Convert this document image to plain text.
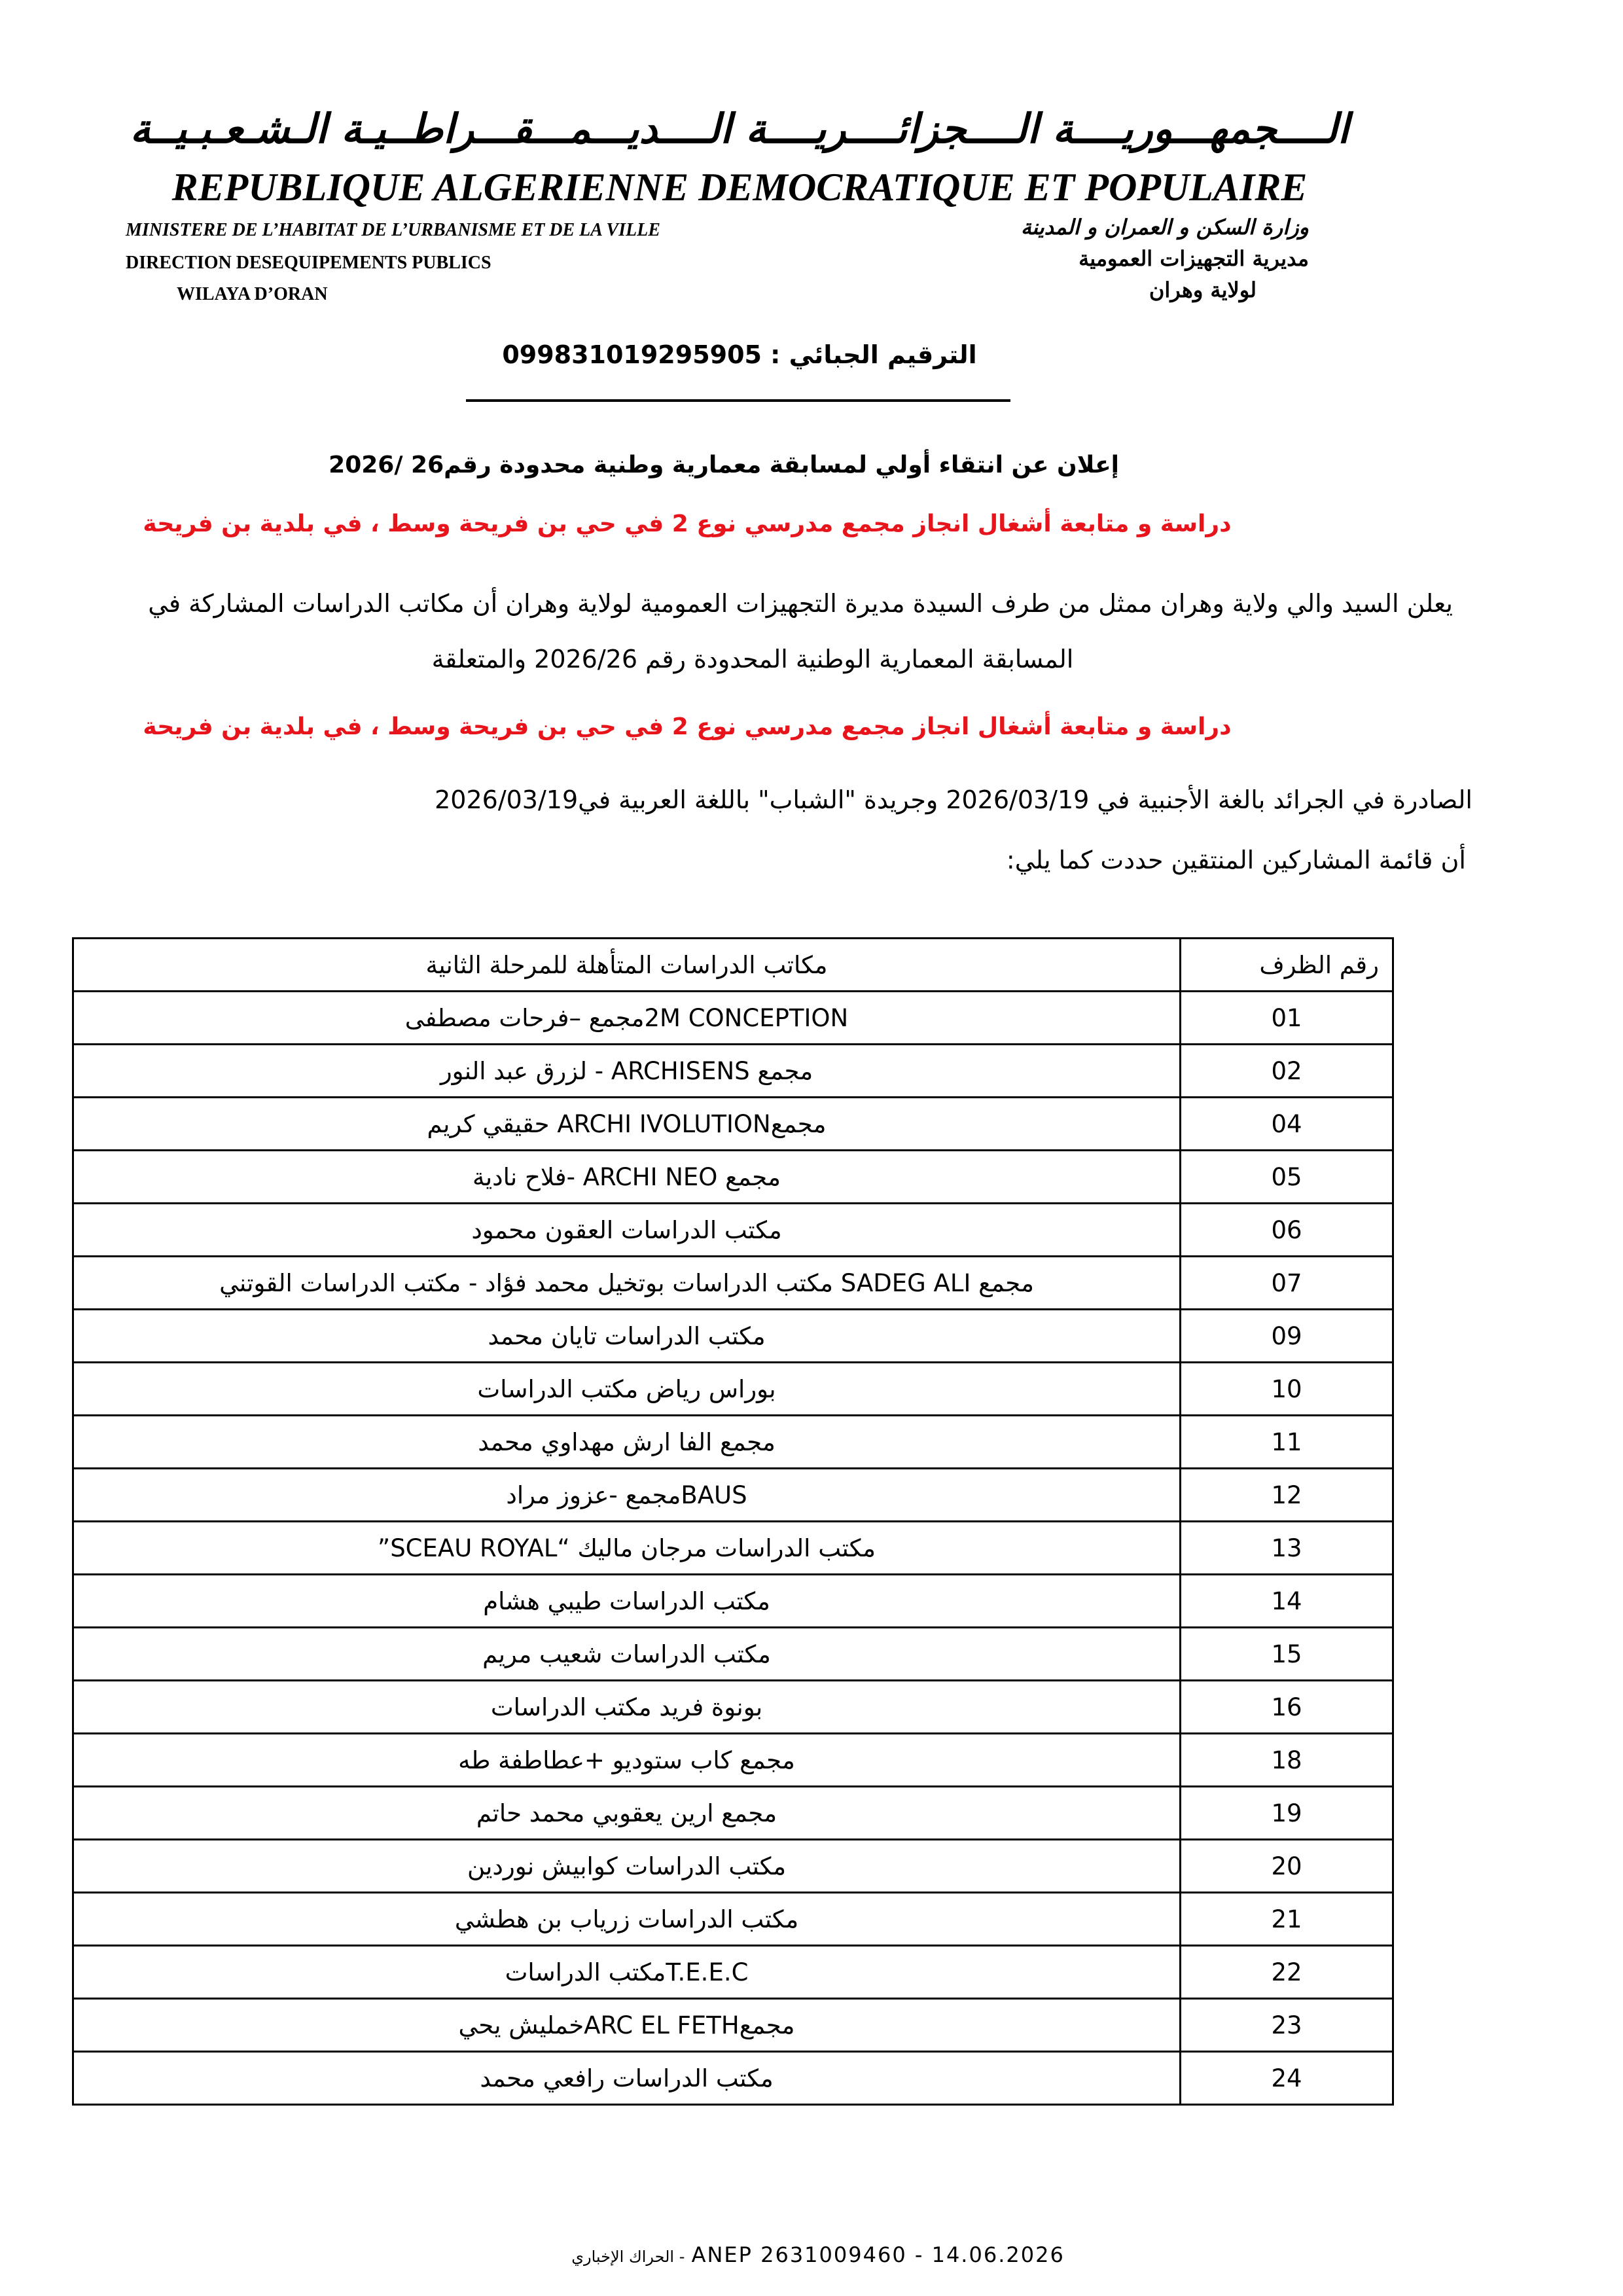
الــــجمهـــوريــــة الــــجزائــــريــــة الــــديـــمـــقـــراطــيـة الـشـعـبـيــة
REPUBLIQUE ALGERIENNE DEMOCRATIQUE ET POPULAIRE
MINISTERE DE L’HABITAT DE L’URBANISME ET DE LA VILLE	وزارة السكن و العمران و المدينة
DIRECTION DESEQUIPEMENTS PUBLICS	مديرية التجهيزات العمومية
WILAYA D’ORAN	لولاية وهران
الترقيم الجبائي : 099831019295905
إعلان عن انتقاء أولي لمسابقة معمارية وطنية محدودة رقم26 /2026
دراسة و متابعة أشغال انجاز مجمع مدرسي نوع 2 في حي بن فريحة وسط ، في بلدية بن فريحة
يعلن السيد والي ولاية وهران ممثل من طرف السيدة مديرة التجهيزات العمومية لولاية وهران أن مكاتب الدراسات المشاركة في
المسابقة المعمارية الوطنية المحدودة رقم 2026/26 والمتعلقة
دراسة و متابعة أشغال انجاز مجمع مدرسي نوع 2 في حي بن فريحة وسط ، في بلدية بن فريحة
الصادرة في الجرائد بالغة الأجنبية في 2026/03/19 وجريدة "الشباب" باللغة العربية في2026/03/19
أن قائمة المشاركين المنتقين حددت كما يلي:
رقم الظرف	مكاتب الدراسات المتأهلة للمرحلة الثانية
01	2M CONCEPTIONمجمع –فرحات مصطفى
02	مجمع ARCHISENS - لزرق عبد النور
04	مجمعARCHI IVOLUTION حقيقي كريم
05	مجمع ARCHI NEO -فلاح نادية
06	مكتب الدراسات العقون محمود
07	مجمع SADEG ALI مكتب الدراسات بوتخيل محمد فؤاد - مكتب الدراسات القوتني
09	مكتب الدراسات تايان محمد
10	بوراس رياض مكتب الدراسات
11	مجمع الفا ارش مهداوي محمد
12	BAUSمجمع -عزوز مراد
13	مكتب الدراسات مرجان ماليك “SCEAU ROYAL”
14	مكتب الدراسات طيبي هشام
15	مكتب الدراسات شعيب مريم
16	بونوة فريد مكتب الدراسات
18	مجمع كاب ستوديو +عطاطفة طه
19	مجمع ارين يعقوبي محمد حاتم
20	مكتب الدراسات كوابيش نوردين
21	مكتب الدراسات زرياب بن هطشي
22	T.E.E.Cمكتب الدراسات
23	مجمعARC EL FETHخمليش يحي
24	مكتب الدراسات رافعي محمد
الحراك الإخباري - ANEP 2631009460 - 14.06.2026
